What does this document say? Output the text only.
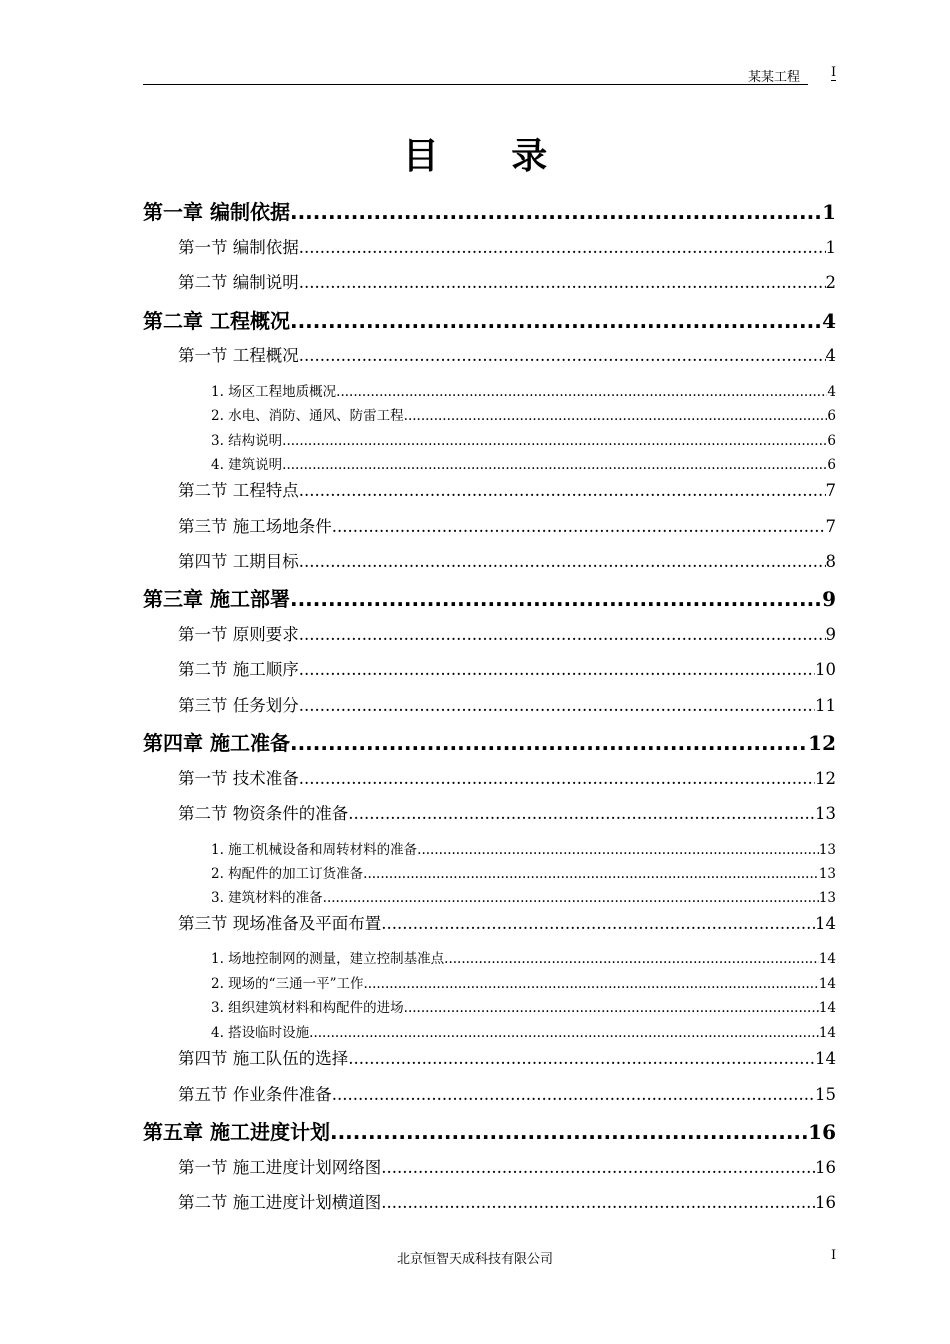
某某工程 I
目 录
第一章 编制依据 .....	1
第一节 编制依据 .....	1
第二节 编制说明 .....	2
第二章 工程概况 .....	4
第一节 工程概况 .....	4
1. 场区工程地质概况 .....	4
2. 水电、消防、通风、防雷工程 .....	6
3. 结构说明 .....	6
4. 建筑说明 .....	6
第二节 工程特点 .....	7
第三节 施工场地条件 .....	7
第四节 工期目标 .....	8
第三章 施工部署 .....	9
第一节 原则要求 .....	9
第二节 施工顺序 .....	10
第三节 任务划分 .....	11
第四章 施工准备 .....	12
第一节 技术准备 .....	12
第二节 物资条件的准备 .....	13
1. 施工机械设备和周转材料的准备 .....	13
2. 构配件的加工订货准备 .....	13
3. 建筑材料的准备 .....	13
第三节 现场准备及平面布置 .....	14
1. 场地控制网的测量，建立控制基准点 .....	14
2. 现场的“三通一平”工作 .....	14
3. 组织建筑材料和构配件的进场 .....	14
4. 搭设临时设施 .....	14
第四节 施工队伍的选择 .....	14
第五节 作业条件准备 .....	15
第五章 施工进度计划 .....	16
第一节 施工进度计划网络图 .....	16
第二节 施工进度计划横道图 .....	16
北京恒智天成科技有限公司	I
